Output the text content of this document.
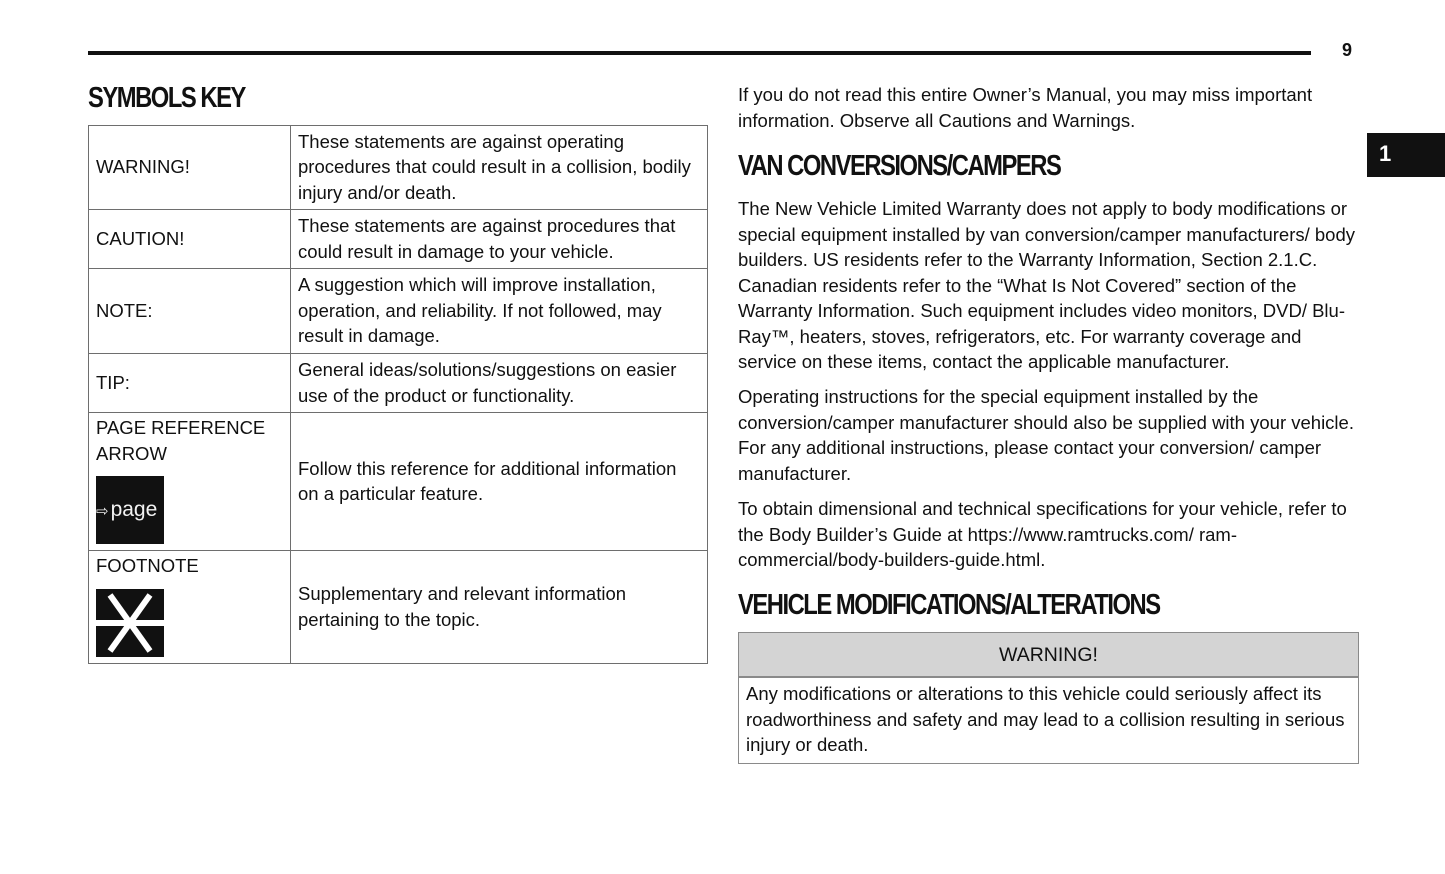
9
1
SYMBOLS KEY
WARNING!	These statements are against operating procedures that could result in a collision, bodily injury and/or death.
CAUTION!	These statements are against procedures that could result in damage to your vehicle.
NOTE:	A suggestion which will improve installation, operation, and reliability. If not followed, may result in damage.
TIP:	General ideas/solutions/suggestions on easier use of the product or functionality.

PAGE REFERENCE ARROW
⇨page	Follow this reference for additional information on a particular feature.

FOOTNOTE	Supplementary and relevant information pertaining to the topic.

If you do not read this entire Owner’s Manual, you may miss important information. Observe all Cautions and Warnings.

VAN CONVERSIONS/CAMPERS

The New Vehicle Limited Warranty does not apply to body modifications or special equipment installed by van conversion/camper manufacturers/ body builders. US residents refer to the Warranty Information, Section 2.1.C. Canadian residents refer to the “What Is Not Covered” section of the Warranty Information. Such equipment includes video monitors, DVD/ Blu-Ray™, heaters, stoves, refrigerators, etc. For warranty coverage and service on these items, contact the applicable manufacturer.

Operating instructions for the special equipment installed by the conversion/camper manufacturer should also be supplied with your vehicle. For any additional instructions, please contact your conversion/ camper manufacturer.

To obtain dimensional and technical specifications for your vehicle, refer to the Body Builder’s Guide at https://www.ramtrucks.com/ ram-commercial/body-builders-guide.html.

VEHICLE MODIFICATIONS/ALTERATIONS
WARNING!
Any modifications or alterations to this vehicle could seriously affect its roadworthiness and safety and may lead to a collision resulting in serious injury or death.
